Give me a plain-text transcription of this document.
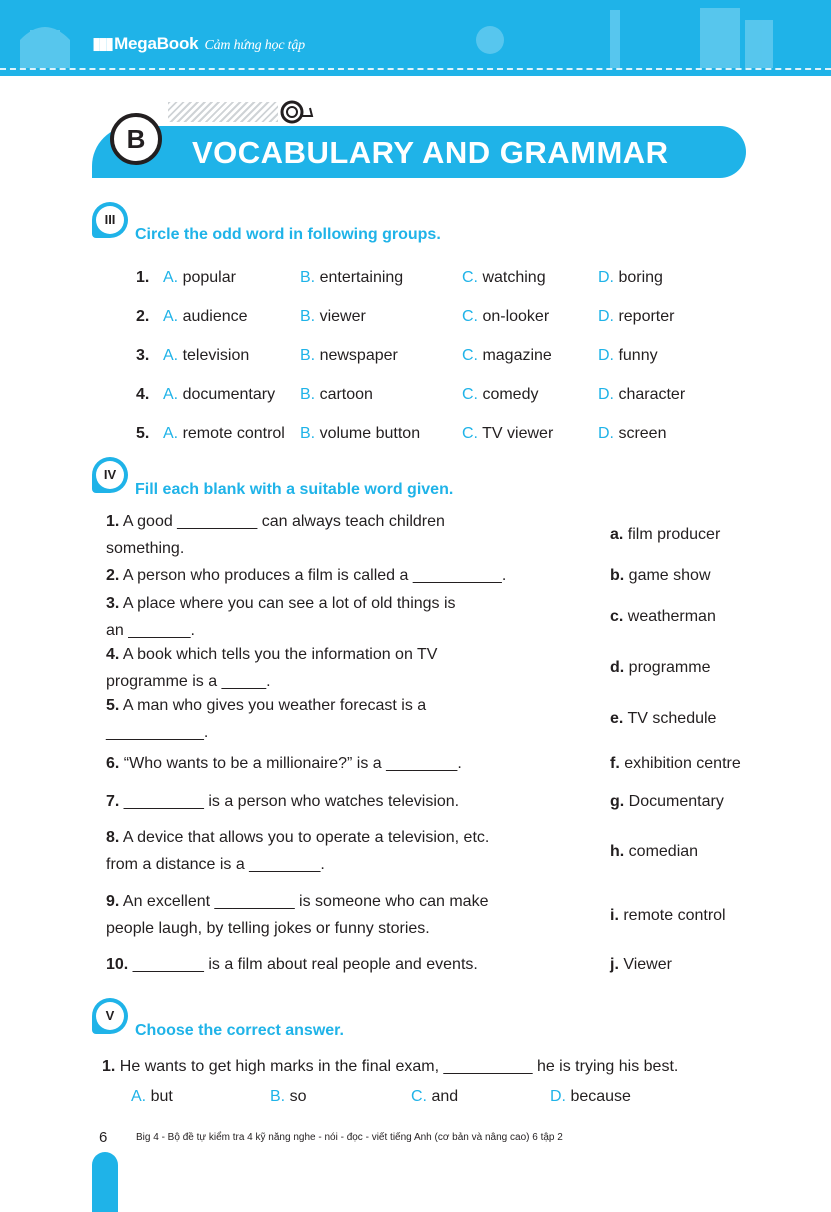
▮▮▮ MegaBook Cảm hứng học tập
B	VOCABULARY AND GRAMMAR
III
Circle the odd word in following groups.
1. A. popular	B. entertaining	C. watching	D. boring
2. A. audience	B. viewer	C. on-looker	D. reporter
3. A. television	B. newspaper	C. magazine	D. funny
4. A. documentary B. cartoon	C. comedy	D. character
5. A. remote control B. volume button	C. TV viewer	D. screen
IV
Fill each blank with a suitable word given.
1. A good _________ can always teach children
something.
2. A person who produces a film is called a __________.
3. A place where you can see a lot of old things is
an _______.
4. A book which tells you the information on TV
programme is a _____.
5. A man who gives you weather forecast is a
___________.
6. “Who wants to be a millionaire?” is a ________.
7. _________ is a person who watches television.
8. A device that allows you to operate a television, etc.
from a distance is a ________.
9. An excellent _________ is someone who can make
people laugh, by telling jokes or funny stories.
10. ________ is a film about real people and events.
a. film producer
b. game show
c. weatherman
d. programme
e. TV schedule
f. exhibition centre
g. Documentary
h. comedian
i. remote control
j. Viewer
V
Choose the correct answer.
1. He wants to get high marks in the final exam, __________ he is trying his best.
A. but	B. so	C. and	D. because
6	Big 4 - Bộ đề tự kiểm tra 4 kỹ năng nghe - nói - đọc - viết tiếng Anh (cơ bản và nâng cao) 6 tập 2
